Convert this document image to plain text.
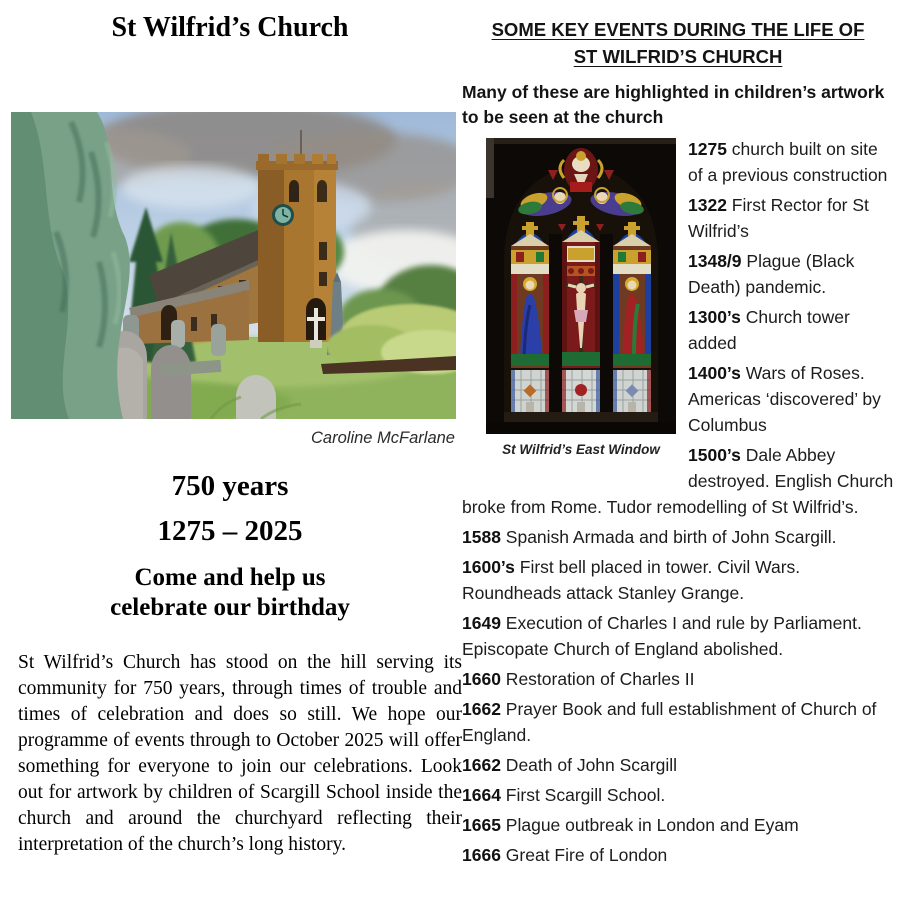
St Wilfrid’s Church
Caroline McFarlane
750 years
1275 – 2025
Come and help us
celebrate our birthday

St Wilfrid’s Church has stood on the hill serving its community for 750 years, through times of trouble and times of celebration and does so still. We hope our programme of events through to October 2025 will offer something for everyone to join our celebrations. Look out for artwork by children of Scargill School inside the church and around the churchyard reflecting their interpretation of the church’s long history.

SOME KEY EVENTS DURING THE LIFE OF
ST WILFRID’S CHURCH
Many of these are highlighted in children’s artwork to be seen at the church
St Wilfrid’s East Window

1275 church built on site of a previous construction

1322 First Rector for St Wilfrid’s

1348/9 Plague (Black Death) pandemic.

1300’s Church tower added

1400’s Wars of Roses. Americas ‘discovered’ by Columbus

1500’s Dale Abbey destroyed. English Church broke from Rome. Tudor remodelling of St Wilfrid’s.

1588 Spanish Armada and birth of John Scargill.

1600’s First bell placed in tower. Civil Wars. Roundheads attack Stanley Grange.

1649 Execution of Charles I and rule by Parliament. Episcopate Church of England abolished.

1660 Restoration of Charles II

1662 Prayer Book and full establishment of Church of England.

1662 Death of John Scargill

1664 First Scargill School.

1665 Plague outbreak in London and Eyam

1666 Great Fire of London
